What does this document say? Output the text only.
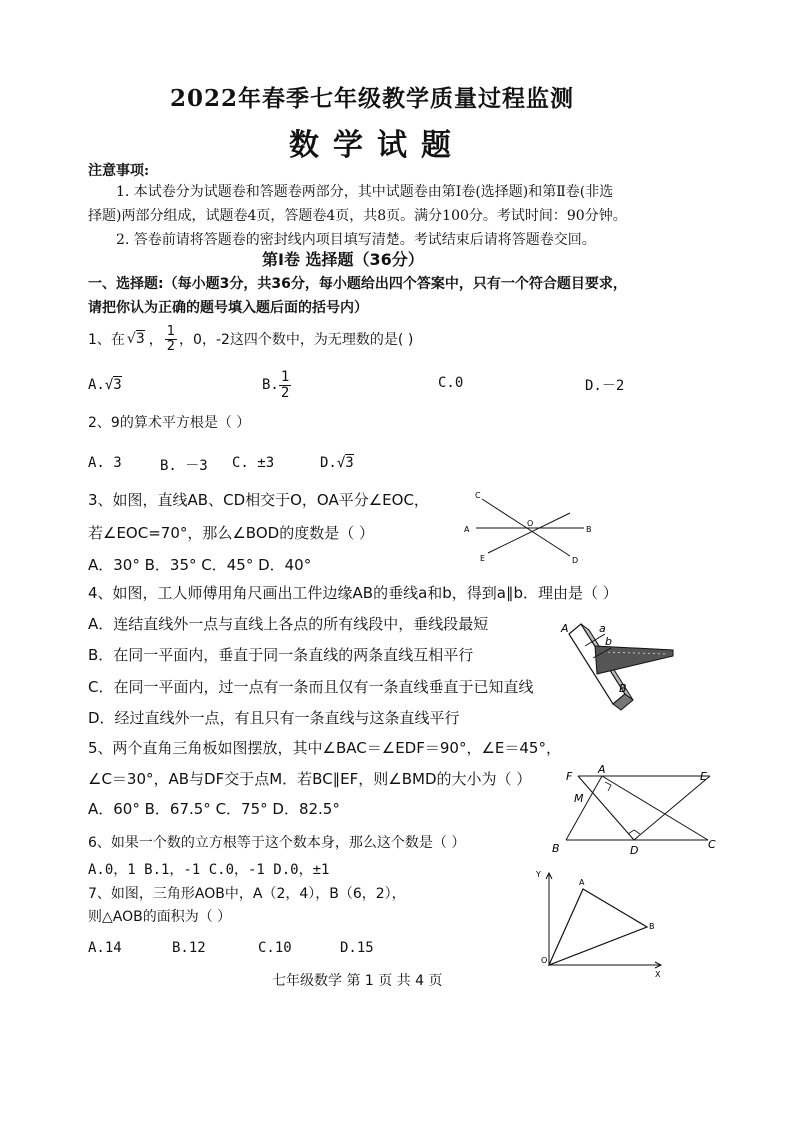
2022年春季七年级教学质量过程监测
数学试题
注意事项:
1. 本试卷分为试题卷和答题卷两部分，其中试题卷由第Ⅰ卷(选择题)和第Ⅱ卷(非选
择题)两部分组成，试题卷4页，答题卷4页，共8页。满分100分。考试时间：90分钟。
2. 答卷前请将答题卷的密封线内项目填写清楚。考试结束后请将答题卷交回。
第Ⅰ卷 选择题（36分）
一、选择题:（每小题3分，共36分，每小题给出四个答案中，只有一个符合题目要求，
请把你认为正确的题号填入题后面的括号内）
1、在 √3 ，
1
2 ，0，-2这四个数中，为无理数的是( )
A. √3	B.
1
2
C.0	D.－2
2、9的算术平方根是（ ）
A. 3	B. －3 C. ±3	D. √3
3、如图，直线AB、CD相交于O，OA平分∠EOC，
若∠EOC=70°，那么∠BOD的度数是（ ）
A．30° B．35° C．45° D．40°
C
O
A	B
E	D
4、如图，工人师傅用角尺画出工件边缘AB的垂线a和b，得到a∥b．理由是（ ）
A．连结直线外一点与直线上各点的所有线段中，垂线段最短
B．在同一平面内，垂直于同一条直线的两条直线互相平行
C．在同一平面内，过一点有一条而且仅有一条直线垂直于已知直线
D．经过直线外一点，有且只有一条直线与这条直线平行
A	a
b
B
5、两个直角三角板如图摆放，其中∠BAC＝∠EDF＝90°，∠E＝45°，
∠C＝30°，AB与DF交于点M．若BC∥EF，则∠BMD的大小为（ ）
A．60° B．67.5° C．75° D．82.5°
F
A
E
M
B	D	C
6、如果一个数的立方根等于这个数本身，那么这个数是（ ）
A.0，1 B.1，-1 C.0，-1 D.0，±1
7、如图，三角形AOB中，A（2，4），B（6，2），
则△AOB的面积为（ ）
A.14	B.12	C.10	D.15
Y
X
O
A
B
七年级数学 第 1 页 共 4 页
